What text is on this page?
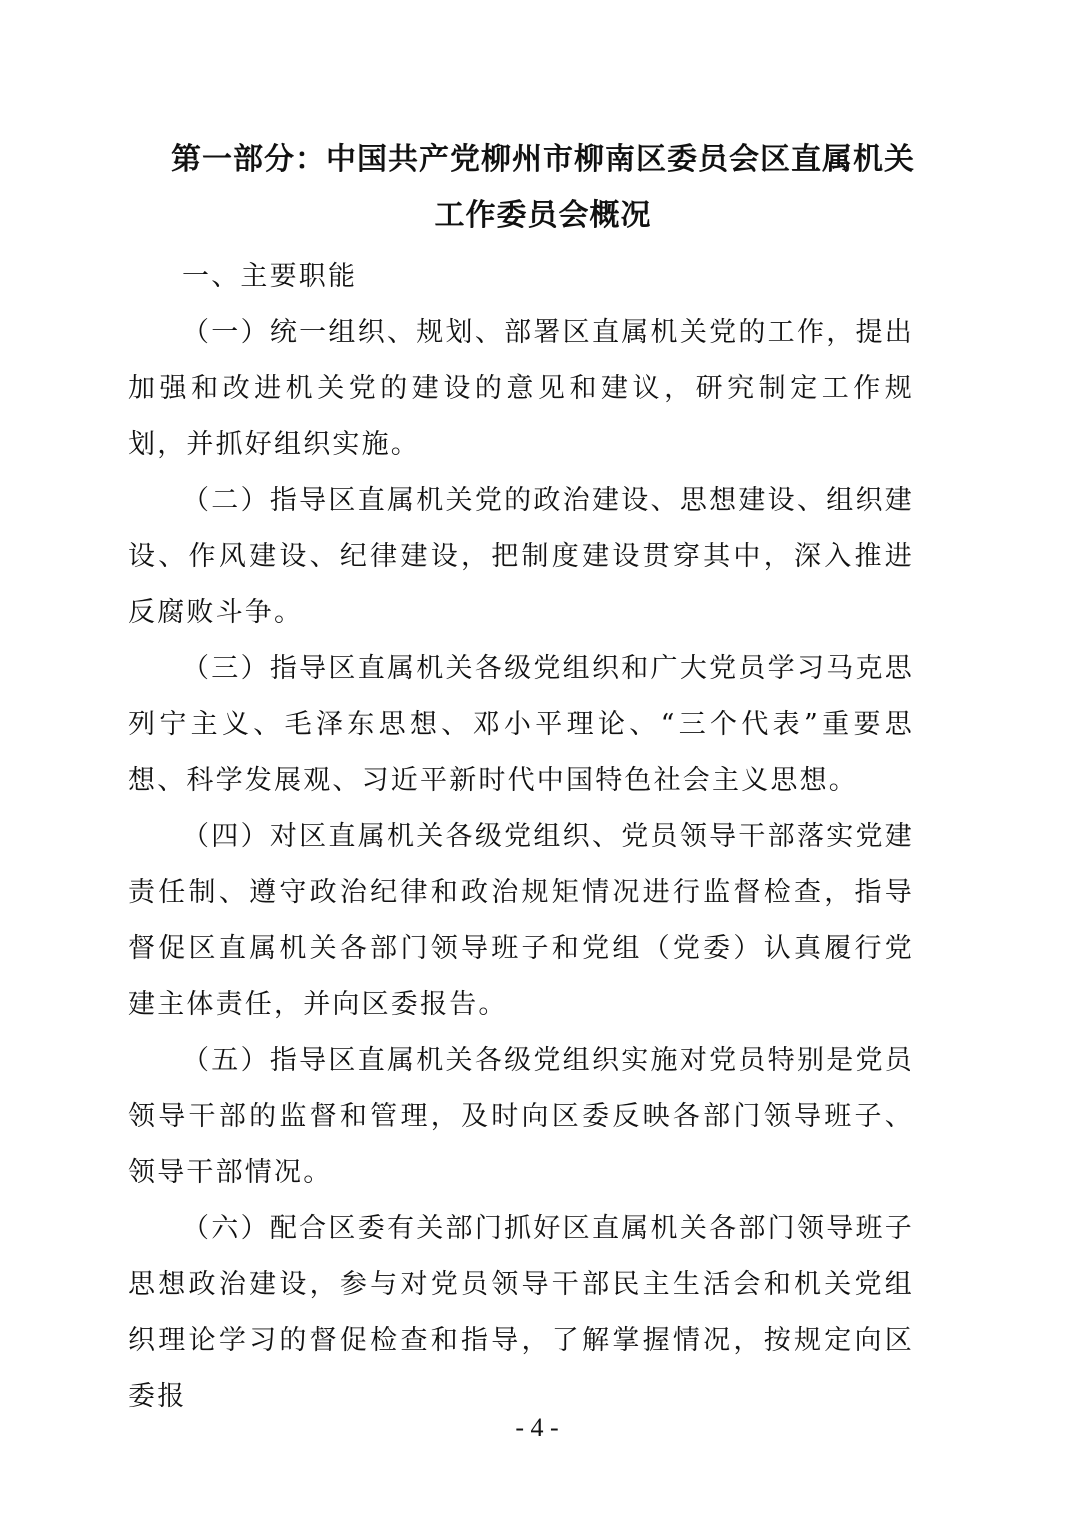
第一部分：中国共产党柳州市柳南区委员会区直属机关
工作委员会概况

一、主要职能

（一）统一组织、规划、部署区直属机关党的工作，提出加强和改进机关党的建设的意见和建议，研究制定工作规划，并抓好组织实施。

（二）指导区直属机关党的政治建设、思想建设、组织建设、作风建设、纪律建设，把制度建设贯穿其中，深入推进反腐败斗争。

（三）指导区直属机关各级党组织和广大党员学习马克思列宁主义、毛泽东思想、邓小平理论、“三个代表”重要思想、科学发展观、习近平新时代中国特色社会主义思想。

（四）对区直属机关各级党组织、党员领导干部落实党建责任制、遵守政治纪律和政治规矩情况进行监督检查，指导督促区直属机关各部门领导班子和党组（党委）认真履行党建主体责任，并向区委报告。

（五）指导区直属机关各级党组织实施对党员特别是党员领导干部的监督和管理，及时向区委反映各部门领导班子、领导干部情况。

（六）配合区委有关部门抓好区直属机关各部门领导班子思想政治建设，参与对党员领导干部民主生活会和机关党组织理论学习的督促检查和指导，了解掌握情况，按规定向区委报

- 4 -
